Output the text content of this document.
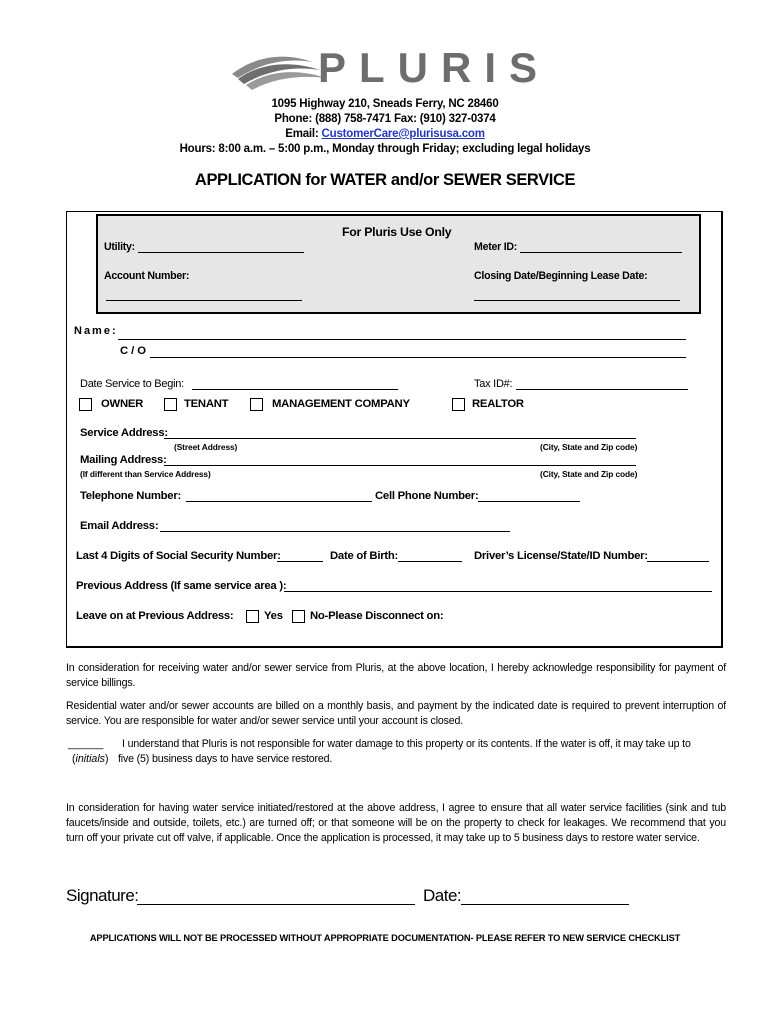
PLURIS
1095 Highway 210, Sneads Ferry, NC 28460
Phone: (888) 758-7471 Fax: (910) 327-0374
Email: CustomerCare@plurisusa.com
Hours: 8:00 a.m. – 5:00 p.m., Monday through Friday; excluding legal holidays
APPLICATION for WATER and/or SEWER SERVICE
For Pluris Use Only
Utility:	Meter ID:
Account Number:	Closing Date/Beginning Lease Date:
Name:
C/O
Date Service to Begin:	Tax ID#:
OWNER	TENANT	MANAGEMENT COMPANY	REALTOR
Service Address:
(Street Address)	(City, State and Zip code)
Mailing Address:
(If different than Service Address)	(City, State and Zip code)
Telephone Number:	Cell Phone Number:
Email Address:
Last 4 Digits of Social Security Number:	Date of Birth:	Driver’s License/State/ID Number:
Previous Address (If same service area ):
Leave on at Previous Address:	Yes No-Please Disconnect on:
In consideration for receiving water and/or sewer service from Pluris, at the above location, I hereby acknowledge responsibility for payment of service billings.
Residential water and/or sewer accounts are billed on a monthly basis, and payment by the indicated date is required to prevent interruption of service. You are responsible for water and/or sewer service until your account is closed.
______ I understand that Pluris is not responsible for water damage to this property or its contents. If the water is off, it may take up to
(initials) five (5) business days to have service restored.
In consideration for having water service initiated/restored at the above address, I agree to ensure that all water service facilities (sink and tub faucets/inside and outside, toilets, etc.) are turned off; or that someone will be on the property to check for leakages. We recommend that you turn off your private cut off valve, if applicable. Once the application is processed, it may take up to 5 business days to restore water service.
Signature:	Date:
APPLICATIONS WILL NOT BE PROCESSED WITHOUT APPROPRIATE DOCUMENTATION- PLEASE REFER TO NEW SERVICE CHECKLIST
